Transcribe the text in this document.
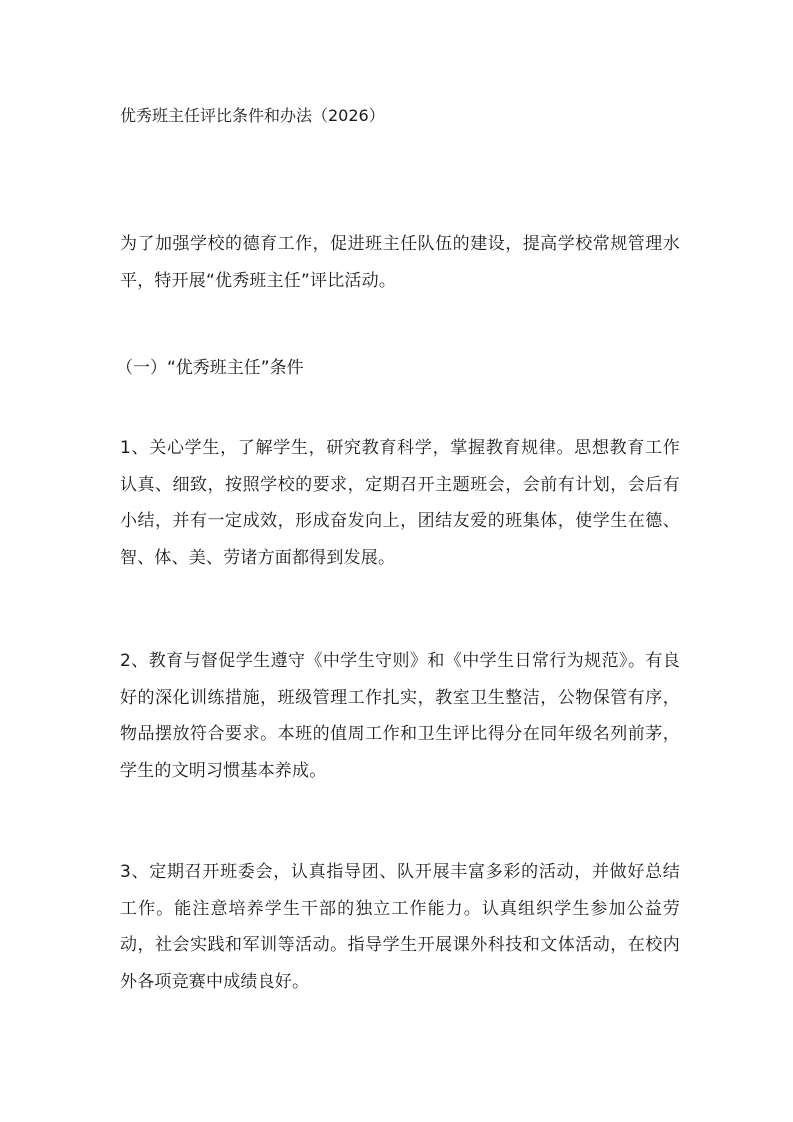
优秀班主任评比条件和办法（2026）

为了加强学校的德育工作，促进班主任队伍的建设，提高学校常规管理水平，特开展“优秀班主任”评比活动。

（一）“优秀班主任”条件

1、关心学生，了解学生，研究教育科学，掌握教育规律。思想教育工作认真、细致，按照学校的要求，定期召开主题班会，会前有计划，会后有小结，并有一定成效，形成奋发向上，团结友爱的班集体，使学生在德、智、体、美、劳诸方面都得到发展。

2、教育与督促学生遵守《中学生守则》和《中学生日常行为规范》。有良好的深化训练措施，班级管理工作扎实，教室卫生整洁，公物保管有序，物品摆放符合要求。本班的值周工作和卫生评比得分在同年级名列前茅，学生的文明习惯基本养成。

3、定期召开班委会，认真指导团、队开展丰富多彩的活动，并做好总结工作。能注意培养学生干部的独立工作能力。认真组织学生参加公益劳动，社会实践和军训等活动。指导学生开展课外科技和文体活动，在校内外各项竞赛中成绩良好。
